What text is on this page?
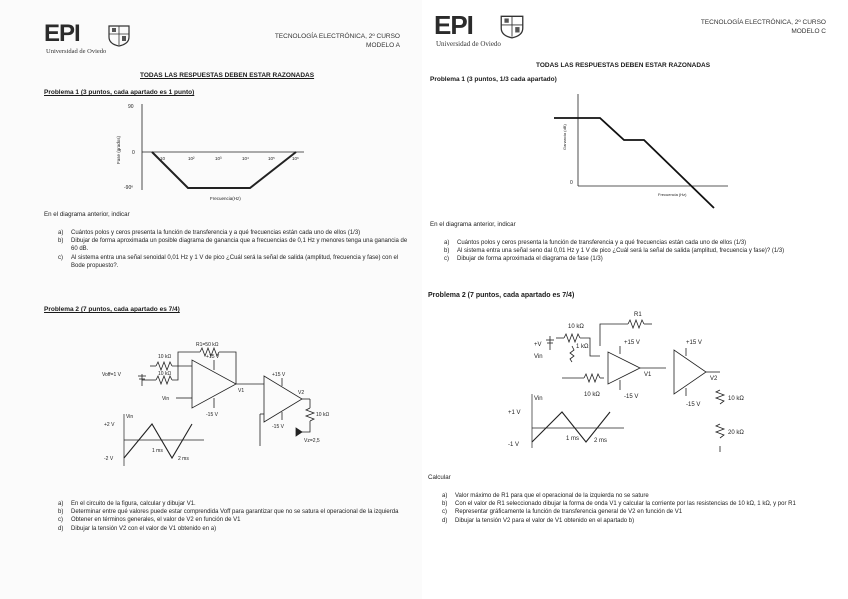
EPI
Universidad de Oviedo
TECNOLOGÍA ELECTRÓNICA, 2º CURSO
MODELO A
TODAS LAS RESPUESTAS DEBEN ESTAR RAZONADAS
Problema 1 (3 puntos, cada apartado es 1 punto)
90
0
-90º
Fase (grados)	10	10²	10³	10⁴	10⁵	10⁶
Frecuencia(Hz)
En el diagrama anterior, indicar
a)	Cuántos polos y ceros presenta la función de transferencia y a qué frecuencias están cada uno de ellos (1/3)
b)	Dibujar de forma aproximada un posible diagrama de ganancia que a frecuencias de 0,1 Hz y menores tenga una ganancia de 60 dB.
c)	Al sistema entra una señal senoidal 0,01 Hz y 1 V de pico ¿Cuál será la señal de salida (amplitud, frecuencia y fase) con el Bode propuesto?.
Problema 2 (7 puntos, cada apartado es 7/4)
R1=50 kΩ
10 kΩ
10 kΩ
Voff=1 V
+15 V
-15 V
Vin
V1
+15 V
-15 V
V2
10 kΩ
Vz=2,5
Vin
+2 V
-2 V
1 ms
2 ms
a)	En el circuito de la figura, calcular y dibujar V1.
b)	Determinar entre qué valores puede estar comprendida Voff para garantizar que no se satura el operacional de la izquierda
c)	Obtener en términos generales, el valor de V2 en función de V1
d)	Dibujar la tensión V2 con el valor de V1 obtenido en a)
EPI
Universidad de Oviedo
TECNOLOGÍA ELECTRÓNICA, 2º CURSO
MODELO C
TODAS LAS RESPUESTAS DEBEN ESTAR RAZONADAS
Problema 1 (3 puntos, 1/3 cada apartado)
Ganancia (dB)
0
Frecuencia (Hz)
En el diagrama anterior, indicar
a)	Cuántos polos y ceros presenta la función de transferencia y a qué frecuencias están cada uno de ellos (1/3)
b)	Al sistema entra una señal seno dal 0,01 Hz y 1 V de pico ¿Cuál será la señal de salida (amplitud, frecuencia y fase)? (1/3)
c)	Dibujar de forma aproximada el diagrama de fase (1/3)
Problema 2 (7 puntos, cada apartado es 7/4)
R1
10 kΩ
1 kΩ
10 kΩ
+V
Vin
+15 V
-15 V
V1
+15 V
-15 V
V2
10 kΩ
20 kΩ
Vin
+1 V
-1 V
1 ms 2 ms
Calcular
a)	Valor máximo de R1 para que el operacional de la izquierda no se sature
b)	Con el valor de R1 seleccionado dibujar la forma de onda V1 y calcular la corriente por las resistencias de 10 kΩ, 1 kΩ, y por R1
c)	Representar gráficamente la función de transferencia general de V2 en función de V1
d)	Dibujar la tensión V2 para el valor de V1 obtenido en el apartado b)
